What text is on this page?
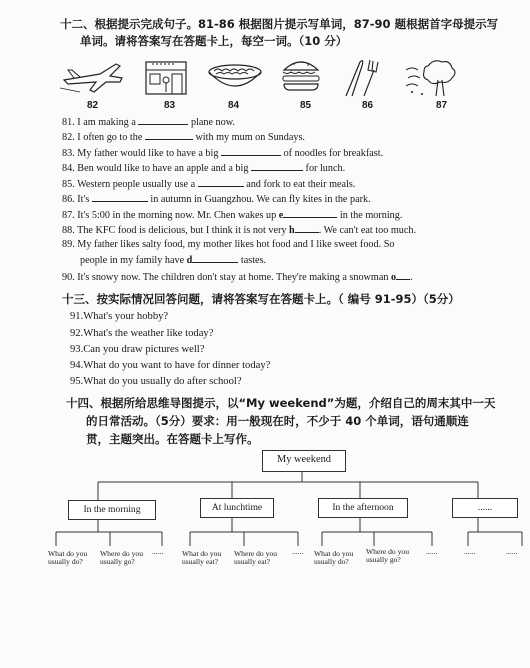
十二、根据提示完成句子。81-86 根据图片提示写单词，87-90 题根据首字母提示写
单词。请将答案写在答题卡上，每空一词。（10 分）
82	83	84	85	86	87
81. I am making a	plane now.
82. I often go to the	with my mum on Sundays.
83. My father would like to have a big	of noodles for breakfast.
84. Ben would like to have an apple and a big	for lunch.
85. Western people usually use a	and fork to eat their meals.
86. It's	in autumn in Guangzhou. We can fly kites in the park.
87. It's 5:00 in the morning now. Mr. Chen wakes up e	in the morning.
88. The KFC food is delicious, but I think it is not very h . We can't eat too much.
89. My father likes salty food, my mother likes hot food and I like sweet food. So
people in my family have d	tastes.
90. It's snowy now. The children don't stay at home. They're making a snowman o .
十三、按实际情况回答问题，请将答案写在答题卡上。（ 编号 91-95）（5分）
91.What's your hobby?
92.What's the weather like today?
93.Can you draw pictures well?
94.What do you want to have for dinner today?
95.What do you usually do after school?
十四、根据所给思维导图提示，以“My weekend”为题，介绍自己的周末其中一天
的日常活动。（5分）要求：用一般现在时，不少于 40 个单词，语句通顺连
贯，主题突出。在答题卡上写作。
My weekend
In the morning	At lunchtime	In the afternoon	......
What do you usually do?
Where do you usually go?
......	What do you usually eat?
Where do you usually eat?
......	What do you usually do?
Where do you usually go?
......	......	......
